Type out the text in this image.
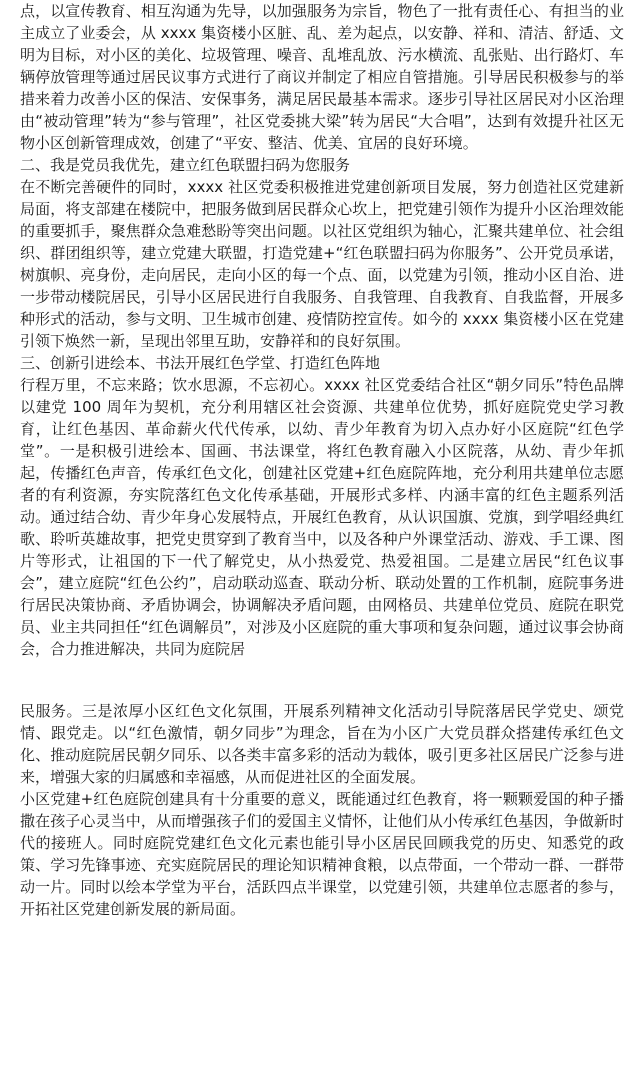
点，以宣传教育、相互沟通为先导，以加强服务为宗旨，物色了一批有责任心、有担当的业主成立了业委会，从 xxxx 集资楼小区脏、乱、差为起点，以安静、祥和、清洁、舒适、文明为目标，对小区的美化、垃圾管理、噪音、乱堆乱放、污水横流、乱张贴、出行路灯、车辆停放管理等通过居民议事方式进行了商议并制定了相应自管措施。引导居民积极参与的举措来着力改善小区的保洁、安保事务，满足居民最基本需求。逐步引导社区居民对小区治理由“被动管理”转为“参与管理”，社区党委挑大梁”转为居民“大合唱”，达到有效提升社区无物小区创新管理成效，创建了“平安、整洁、优美、宜居的良好环境。

二、我是党员我优先，建立红色联盟扫码为您服务

在不断完善硬件的同时，xxxx 社区党委积极推进党建创新项目发展，努力创造社区党建新局面，将支部建在楼院中，把服务做到居民群众心坎上，把党建引领作为提升小区治理效能的重要抓手，聚焦群众急难愁盼等突出问题。以社区党组织为轴心，汇聚共建单位、社会组织、群团组织等，建立党建大联盟，打造党建+“红色联盟扫码为你服务”、公开党员承诺，树旗帜、亮身份，走向居民，走向小区的每一个点、面，以党建为引领，推动小区自治、进一步带动楼院居民，引导小区居民进行自我服务、自我管理、自我教育、自我监督，开展多种形式的活动，参与文明、卫生城市创建、疫情防控宣传。如今的 xxxx 集资楼小区在党建引领下焕然一新，呈现出邻里互助，安静祥和的良好氛围。

三、创新引进绘本、书法开展红色学堂、打造红色阵地

行程万里，不忘来路；饮水思源，不忘初心。xxxx 社区党委结合社区“朝夕同乐”特色品牌以建党 100 周年为契机，充分利用辖区社会资源、共建单位优势，抓好庭院党史学习教育，让红色基因、革命薪火代代传承，以幼、青少年教育为切入点办好小区庭院“红色学堂”。一是积极引进绘本、国画、书法课堂，将红色教育融入小区院落，从幼、青少年抓起，传播红色声音，传承红色文化，创建社区党建+红色庭院阵地，充分利用共建单位志愿者的有利资源，夯实院落红色文化传承基础，开展形式多样、内涵丰富的红色主题系列活动。通过结合幼、青少年身心发展特点，开展红色教育，从认识国旗、党旗，到学唱经典红歌、聆听英雄故事，把党史贯穿到了教育当中，以及各种户外课堂活动、游戏、手工课、图片等形式，让祖国的下一代了解党史，从小热爱党、热爱祖国。二是建立居民“红色议事会”，建立庭院“红色公约”，启动联动巡查、联动分析、联动处置的工作机制，庭院事务进行居民决策协商、矛盾协调会，协调解决矛盾问题，由网格员、共建单位党员、庭院在职党员、业主共同担任“红色调解员”，对涉及小区庭院的重大事项和复杂问题，通过议事会协商会，合力推进解决，共同为庭院居

民服务。三是浓厚小区红色文化氛围，开展系列精神文化活动引导院落居民学党史、颂党情、跟党走。以“红色激情，朝夕同步”为理念，旨在为小区广大党员群众搭建传承红色文化、推动庭院居民朝夕同乐、以各类丰富多彩的活动为载体，吸引更多社区居民广泛参与进来，增强大家的归属感和幸福感，从而促进社区的全面发展。

小区党建+红色庭院创建具有十分重要的意义，既能通过红色教育，将一颗颗爱国的种子播撒在孩子心灵当中，从而增强孩子们的爱国主义情怀，让他们从小传承红色基因，争做新时代的接班人。同时庭院党建红色文化元素也能引导小区居民回顾我党的历史、知悉党的政策、学习先锋事迹、充实庭院居民的理论知识精神食粮，以点带面，一个带动一群、一群带动一片。同时以绘本学堂为平台，活跃四点半课堂，以党建引领，共建单位志愿者的参与，开拓社区党建创新发展的新局面。
